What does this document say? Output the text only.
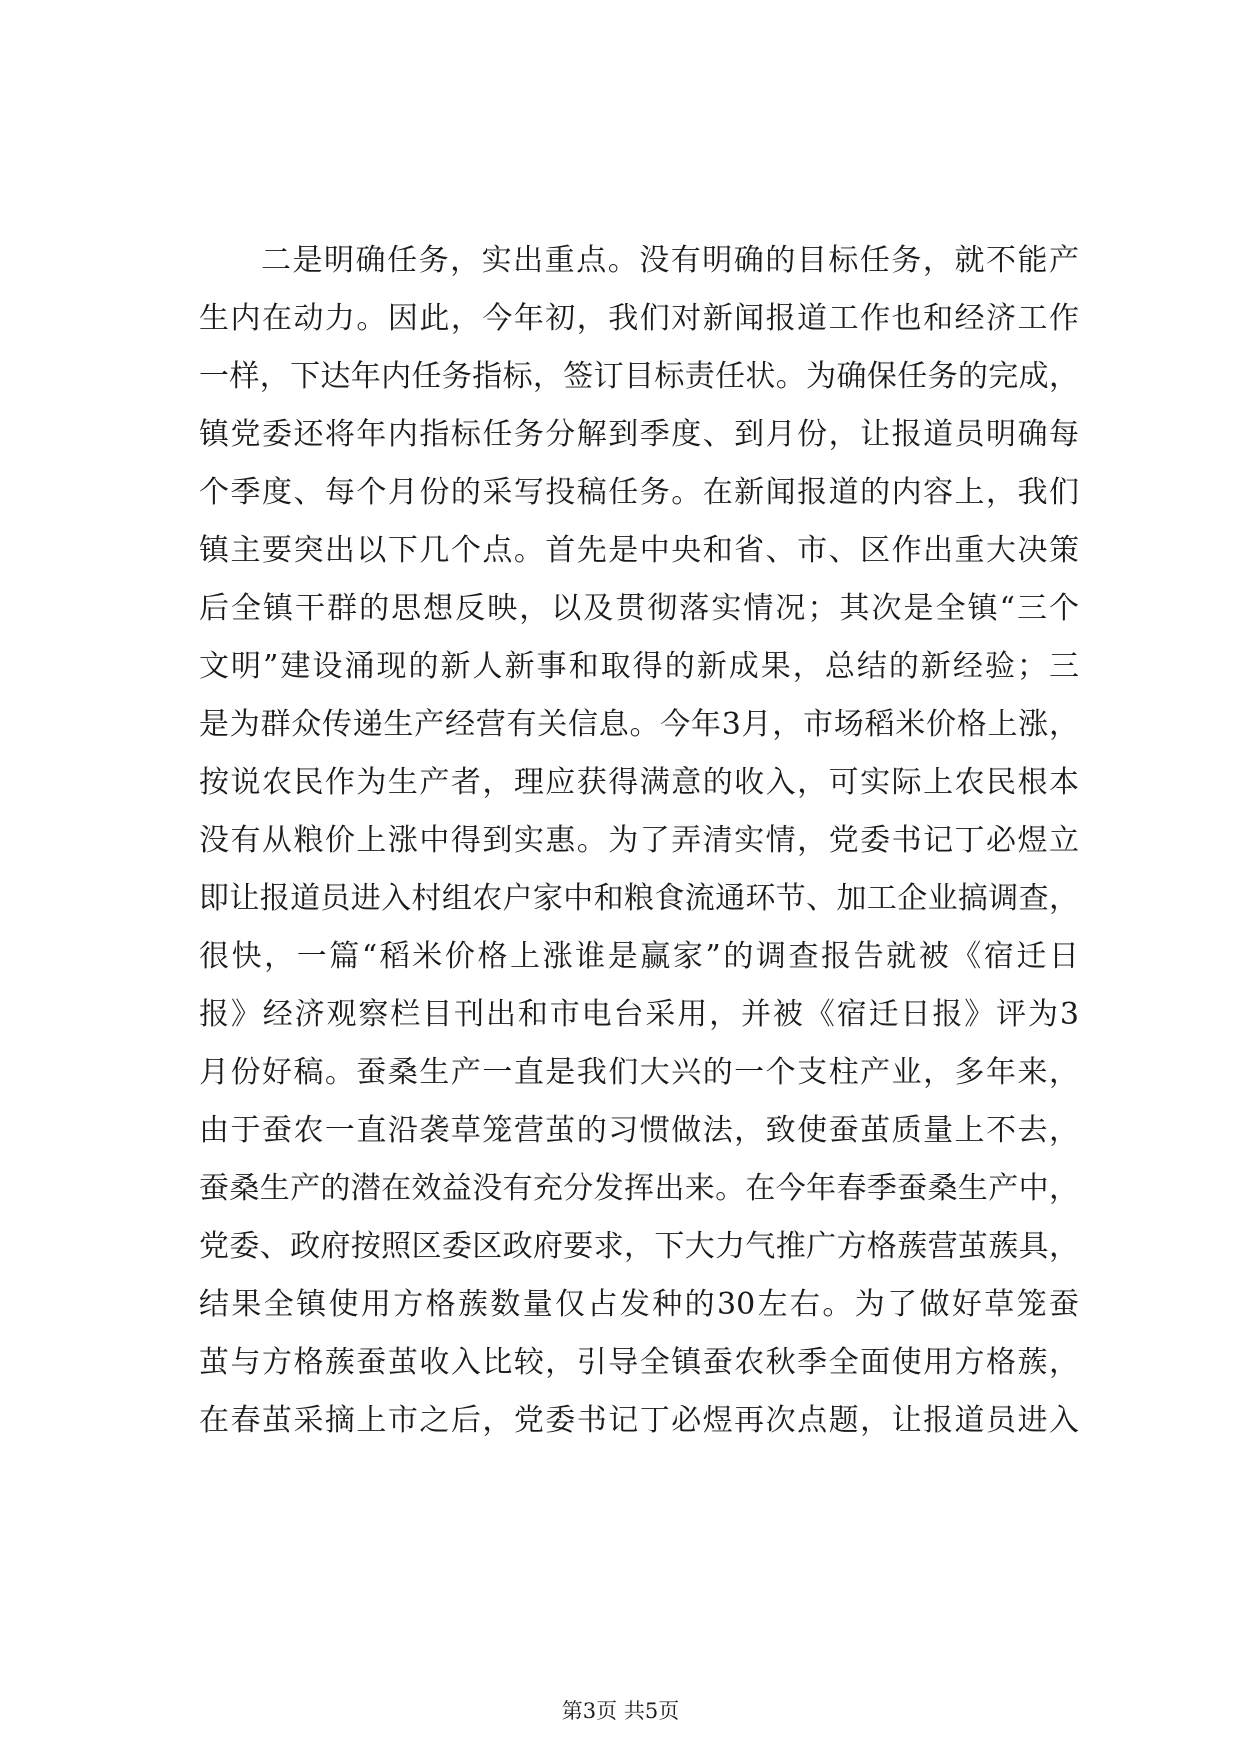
二是明确任务，实出重点。没有明确的目标任务，就不能产
生内在动力。因此，今年初，我们对新闻报道工作也和经济工作
一样，下达年内任务指标，签订目标责任状。为确保任务的完成，
镇党委还将年内指标任务分解到季度、到月份，让报道员明确每
个季度、每个月份的采写投稿任务。在新闻报道的内容上，我们
镇主要突出以下几个点。首先是中央和省、市、区作出重大决策
后全镇干群的思想反映，以及贯彻落实情况；其次是全镇“三个
文明”建设涌现的新人新事和取得的新成果，总结的新经验；三
是为群众传递生产经营有关信息。今年3月，市场稻米价格上涨，
按说农民作为生产者，理应获得满意的收入，可实际上农民根本
没有从粮价上涨中得到实惠。为了弄清实情，党委书记丁必煜立
即让报道员进入村组农户家中和粮食流通环节、加工企业搞调查，
很快，一篇“稻米价格上涨谁是赢家”的调查报告就被《宿迁日
报》经济观察栏目刊出和市电台采用，并被《宿迁日报》评为3
月份好稿。蚕桑生产一直是我们大兴的一个支柱产业，多年来，
由于蚕农一直沿袭草笼营茧的习惯做法，致使蚕茧质量上不去，
蚕桑生产的潜在效益没有充分发挥出来。在今年春季蚕桑生产中，
党委、政府按照区委区政府要求，下大力气推广方格蔟营茧蔟具，
结果全镇使用方格蔟数量仅占发种的30左右。为了做好草笼蚕
茧与方格蔟蚕茧收入比较，引导全镇蚕农秋季全面使用方格蔟，
在春茧采摘上市之后，党委书记丁必煜再次点题，让报道员进入
第3页 共5页
